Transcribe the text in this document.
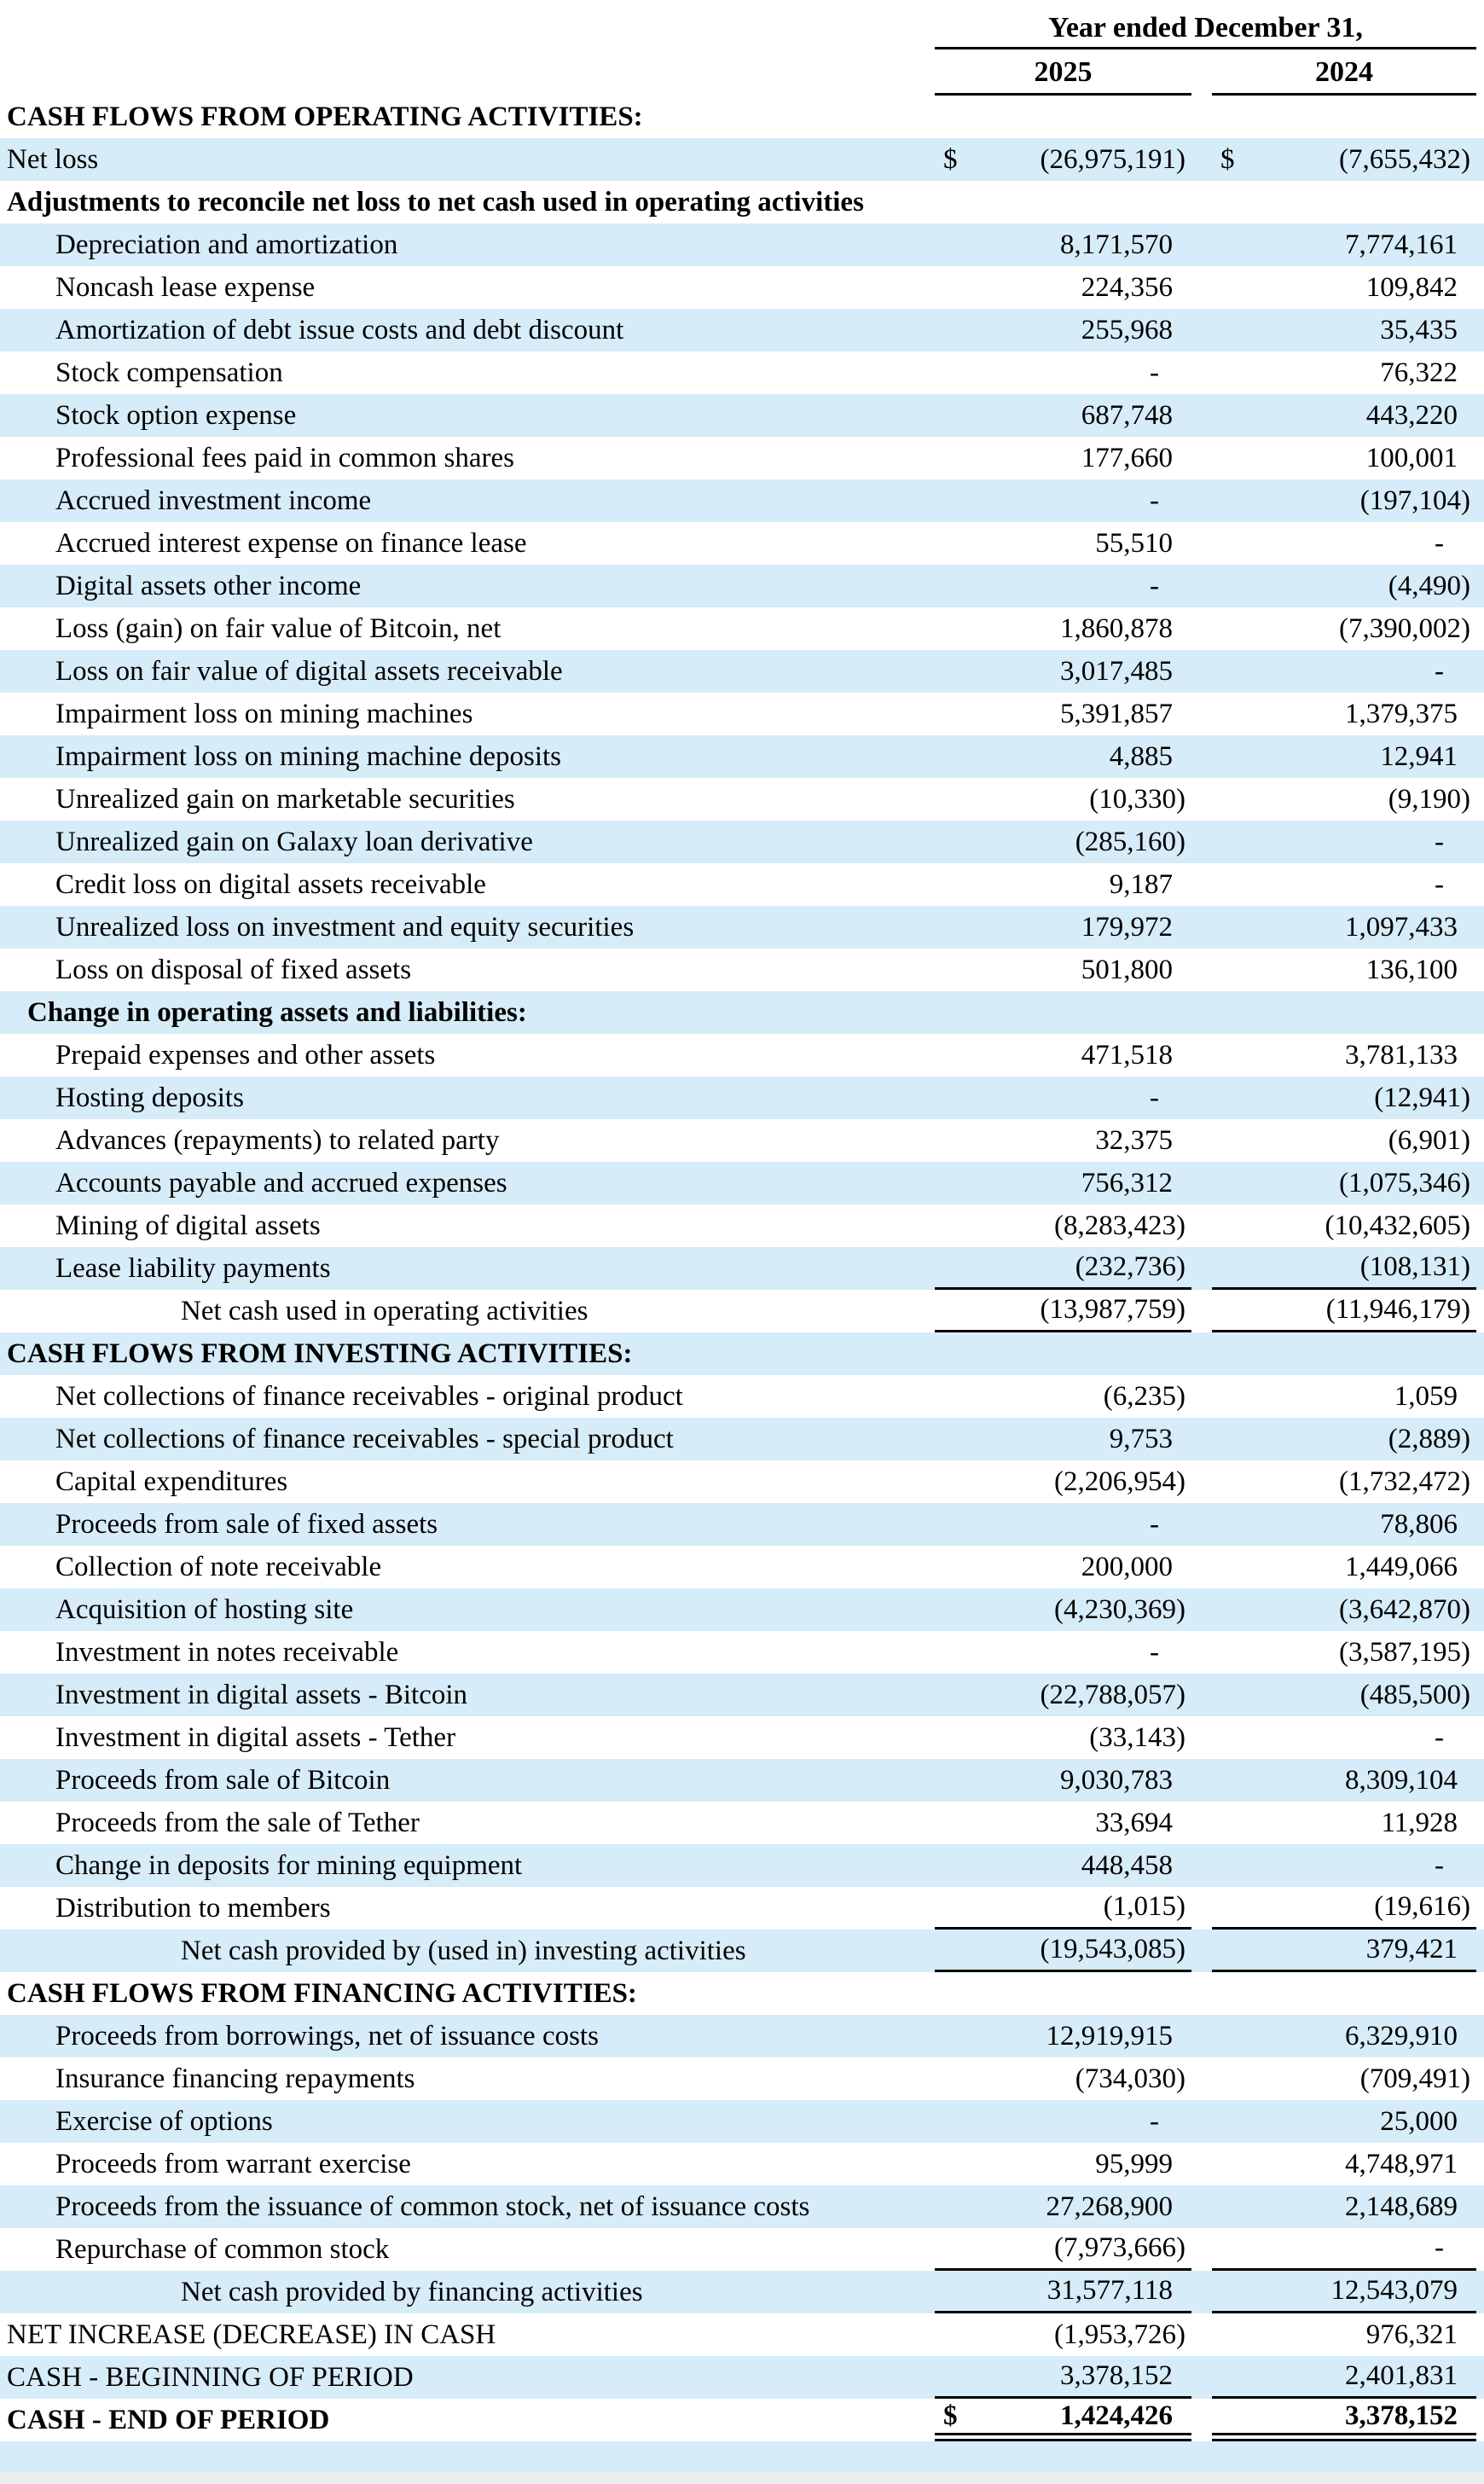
Year ended December 31,
2025	2024
CASH FLOWS FROM OPERATING ACTIVITIES:
Net loss	$	(26,975,191)	$	(7,655,432)
Adjustments to reconcile net loss to net cash used in operating activities
Depreciation and amortization	8,171,570	7,774,161
Noncash lease expense	224,356	109,842
Amortization of debt issue costs and debt discount	255,968	35,435
Stock compensation	-	76,322
Stock option expense	687,748	443,220
Professional fees paid in common shares	177,660	100,001
Accrued investment income	-	(197,104)
Accrued interest expense on finance lease	55,510	-
Digital assets other income	-	(4,490)
Loss (gain) on fair value of Bitcoin, net	1,860,878	(7,390,002)
Loss on fair value of digital assets receivable	3,017,485	-
Impairment loss on mining machines	5,391,857	1,379,375
Impairment loss on mining machine deposits	4,885	12,941
Unrealized gain on marketable securities	(10,330)	(9,190)
Unrealized gain on Galaxy loan derivative	(285,160)	-
Credit loss on digital assets receivable	9,187	-
Unrealized loss on investment and equity securities	179,972	1,097,433
Loss on disposal of fixed assets	501,800	136,100
Change in operating assets and liabilities:
Prepaid expenses and other assets	471,518	3,781,133
Hosting deposits	-	(12,941)
Advances (repayments) to related party	32,375	(6,901)
Accounts payable and accrued expenses	756,312	(1,075,346)
Mining of digital assets	(8,283,423)	(10,432,605)
Lease liability payments	(232,736)	(108,131)
Net cash used in operating activities	(13,987,759)	(11,946,179)
CASH FLOWS FROM INVESTING ACTIVITIES:
Net collections of finance receivables - original product	(6,235)	1,059
Net collections of finance receivables - special product	9,753	(2,889)
Capital expenditures	(2,206,954)	(1,732,472)
Proceeds from sale of fixed assets	-	78,806
Collection of note receivable	200,000	1,449,066
Acquisition of hosting site	(4,230,369)	(3,642,870)
Investment in notes receivable	-	(3,587,195)
Investment in digital assets - Bitcoin	(22,788,057)	(485,500)
Investment in digital assets - Tether	(33,143)	-
Proceeds from sale of Bitcoin	9,030,783	8,309,104
Proceeds from the sale of Tether	33,694	11,928
Change in deposits for mining equipment	448,458	-
Distribution to members	(1,015)	(19,616)
Net cash provided by (used in) investing activities	(19,543,085)	379,421
CASH FLOWS FROM FINANCING ACTIVITIES:
Proceeds from borrowings, net of issuance costs	12,919,915	6,329,910
Insurance financing repayments	(734,030)	(709,491)
Exercise of options	-	25,000
Proceeds from warrant exercise	95,999	4,748,971
Proceeds from the issuance of common stock, net of issuance costs	27,268,900	2,148,689
Repurchase of common stock	(7,973,666)	-
Net cash provided by financing activities	31,577,118	12,543,079
NET INCREASE (DECREASE) IN CASH	(1,953,726)	976,321
CASH - BEGINNING OF PERIOD	3,378,152	2,401,831
CASH - END OF PERIOD	$	1,424,426	3,378,152
